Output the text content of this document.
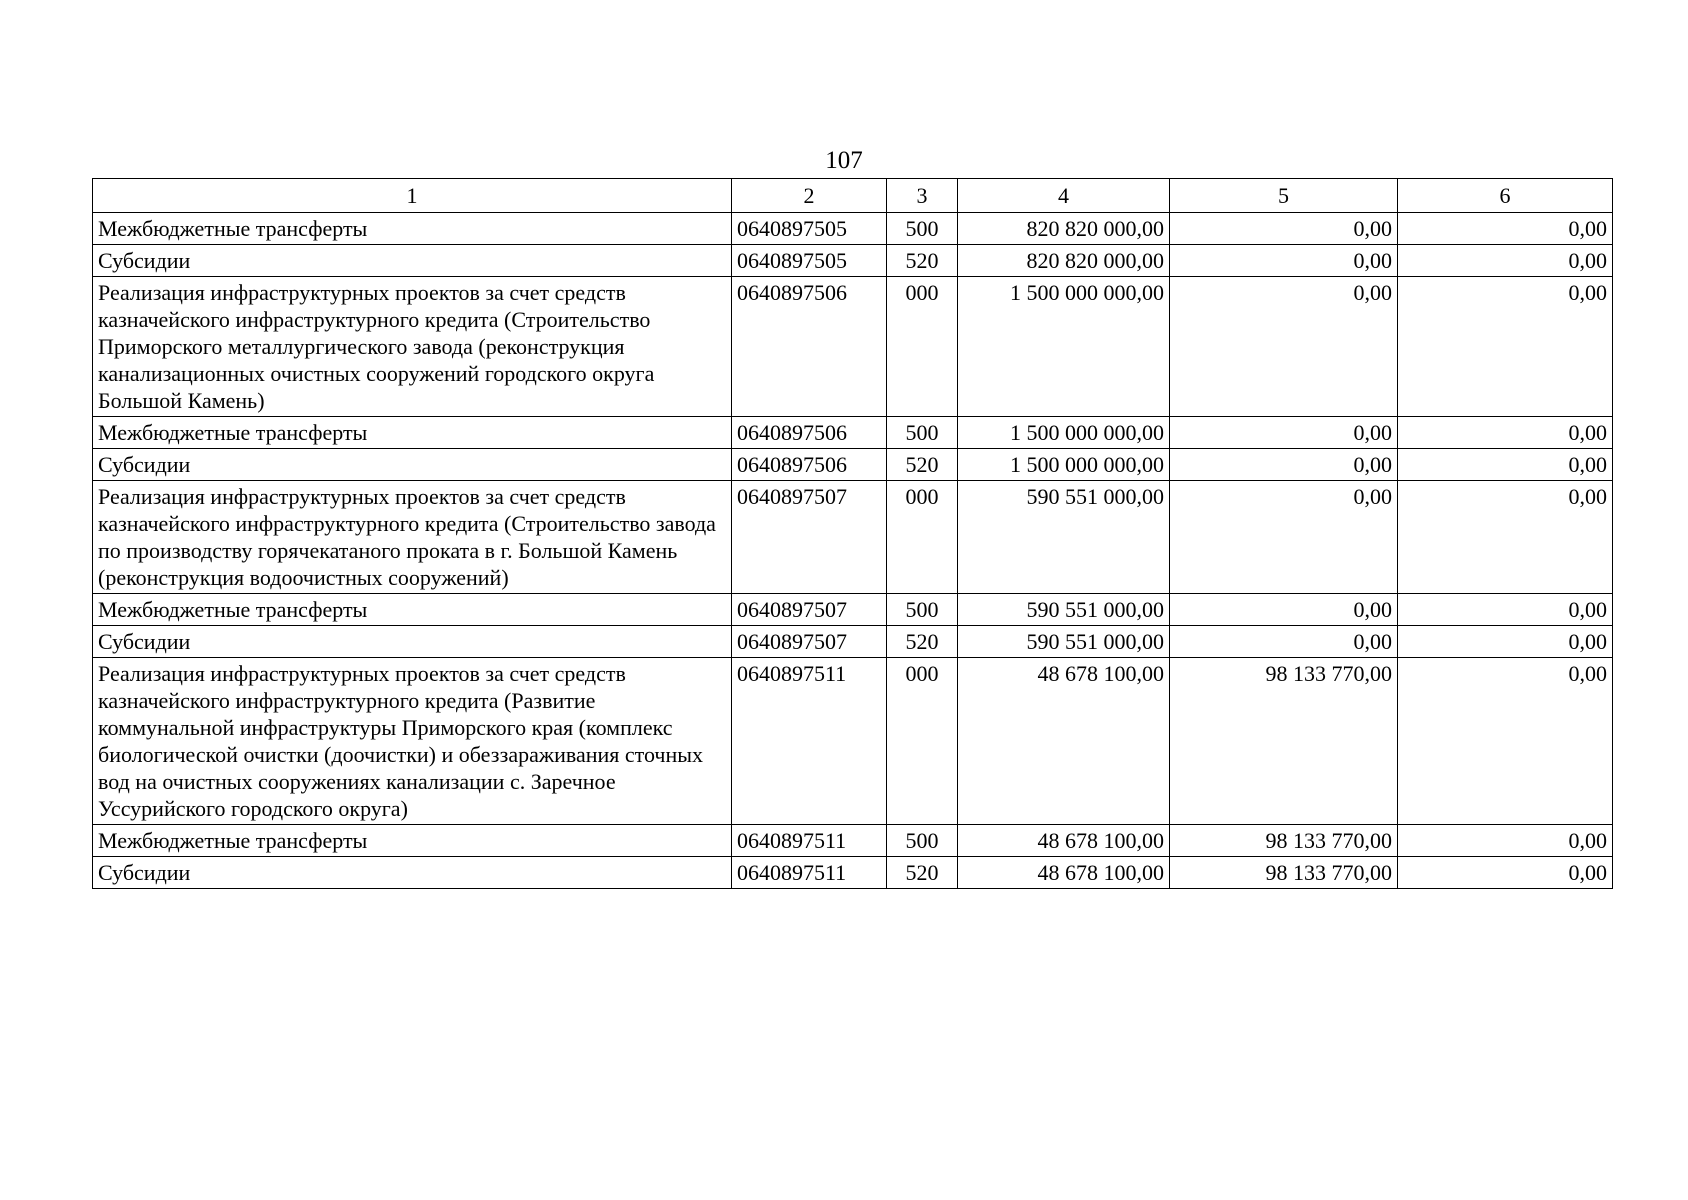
107
1	2	3	4	5	6
Межбюджетные трансферты	0640897505	500	820 820 000,00	0,00	0,00
Субсидии	0640897505	520	820 820 000,00	0,00	0,00
Реализация инфраструктурных проектов за счет средств казначейского инфраструктурного кредита (Строительство Приморского металлургического завода (реконструкция канализационных очистных сооружений городского округа Большой Камень)	0640897506	000	1 500 000 000,00	0,00	0,00
Межбюджетные трансферты	0640897506	500	1 500 000 000,00	0,00	0,00
Субсидии	0640897506	520	1 500 000 000,00	0,00	0,00
Реализация инфраструктурных проектов за счет средств казначейского инфраструктурного кредита (Строительство завода по производству горячекатаного проката в г. Большой Камень (реконструкция водоочистных сооружений)	0640897507	000	590 551 000,00	0,00	0,00
Межбюджетные трансферты	0640897507	500	590 551 000,00	0,00	0,00
Субсидии	0640897507	520	590 551 000,00	0,00	0,00
Реализация инфраструктурных проектов за счет средств казначейского инфраструктурного кредита (Развитие коммунальной инфраструктуры Приморского края (комплекс биологической очистки (доочистки) и обеззараживания сточных вод на очистных сооружениях канализации с. Заречное Уссурийского городского округа)	0640897511	000	48 678 100,00	98 133 770,00	0,00
Межбюджетные трансферты	0640897511	500	48 678 100,00	98 133 770,00	0,00
Субсидии	0640897511	520	48 678 100,00	98 133 770,00	0,00
